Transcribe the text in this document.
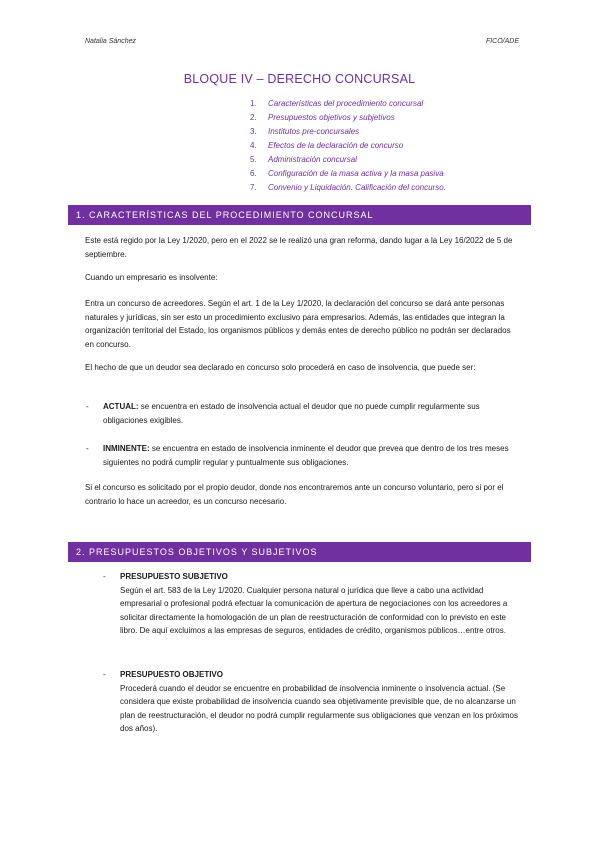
Natalia Sánchez	FICO/ADE
BLOQUE IV – DERECHO CONCURSAL
1. Características del procedimiento concursal
2. Presupuestos objetivos y subjetivos
3. Institutos pre-concursales
4. Efectos de la declaración de concurso
5. Administración concursal
6. Configuración de la masa activa y la masa pasiva
7. Convenio y Liquidación. Calificación del concurso.
1. CARACTERÍSTICAS DEL PROCEDIMIENTO CONCURSAL
Este está regido por la Ley 1/2020, pero en el 2022 se le realizó una gran reforma, dando lugar a la Ley 16/2022 de 5 de septiembre.
Cuando un empresario es insolvente:
Entra un concurso de acreedores. Según el art. 1 de la Ley 1/2020, la declaración del concurso se dará ante personas naturales y jurídicas, sin ser esto un procedimiento exclusivo para empresarios. Además, las entidades que integran la organización territorial del Estado, los organismos públicos y demás entes de derecho público no podrán ser declarados en concurso.
El hecho de que un deudor sea declarado en concurso solo procederá en caso de insolvencia, que puede ser:
- ACTUAL: se encuentra en estado de insolvencia actual el deudor que no puede cumplir regularmente sus obligaciones exigibles.
- INMINENTE: se encuentra en estado de insolvencia inminente el deudor que prevea que dentro de los tres meses siguientes no podrá cumplir regular y puntualmente sus obligaciones.
Si el concurso es solicitado por el propio deudor, donde nos encontraremos ante un concurso voluntario, pero si por el contrario lo hace un acreedor, es un concurso necesario.
2. PRESUPUESTOS OBJETIVOS Y SUBJETIVOS
- PRESUPUESTO SUBJETIVO
Según el art. 583 de la Ley 1/2020. Cualquier persona natural o jurídica que lleve a cabo una actividad empresarial o profesional podrá efectuar la comunicación de apertura de negociaciones con los acreedores a solicitar directamente la homologación de un plan de reestructuración de conformidad con lo previsto en este libro. De aquí excluimos a las empresas de seguros, entidades de crédito, organismos públicos…entre otros.
- PRESUPUESTO OBJETIVO
Procederá cuando el deudor se encuentre en probabilidad de insolvencia inminente o insolvencia actual. (Se considera que existe probabilidad de insolvencia cuando sea objetivamente previsible que, de no alcanzarse un plan de reestructuración, el deudor no podrá cumplir regularmente sus obligaciones que venzan en los próximos dos años).
